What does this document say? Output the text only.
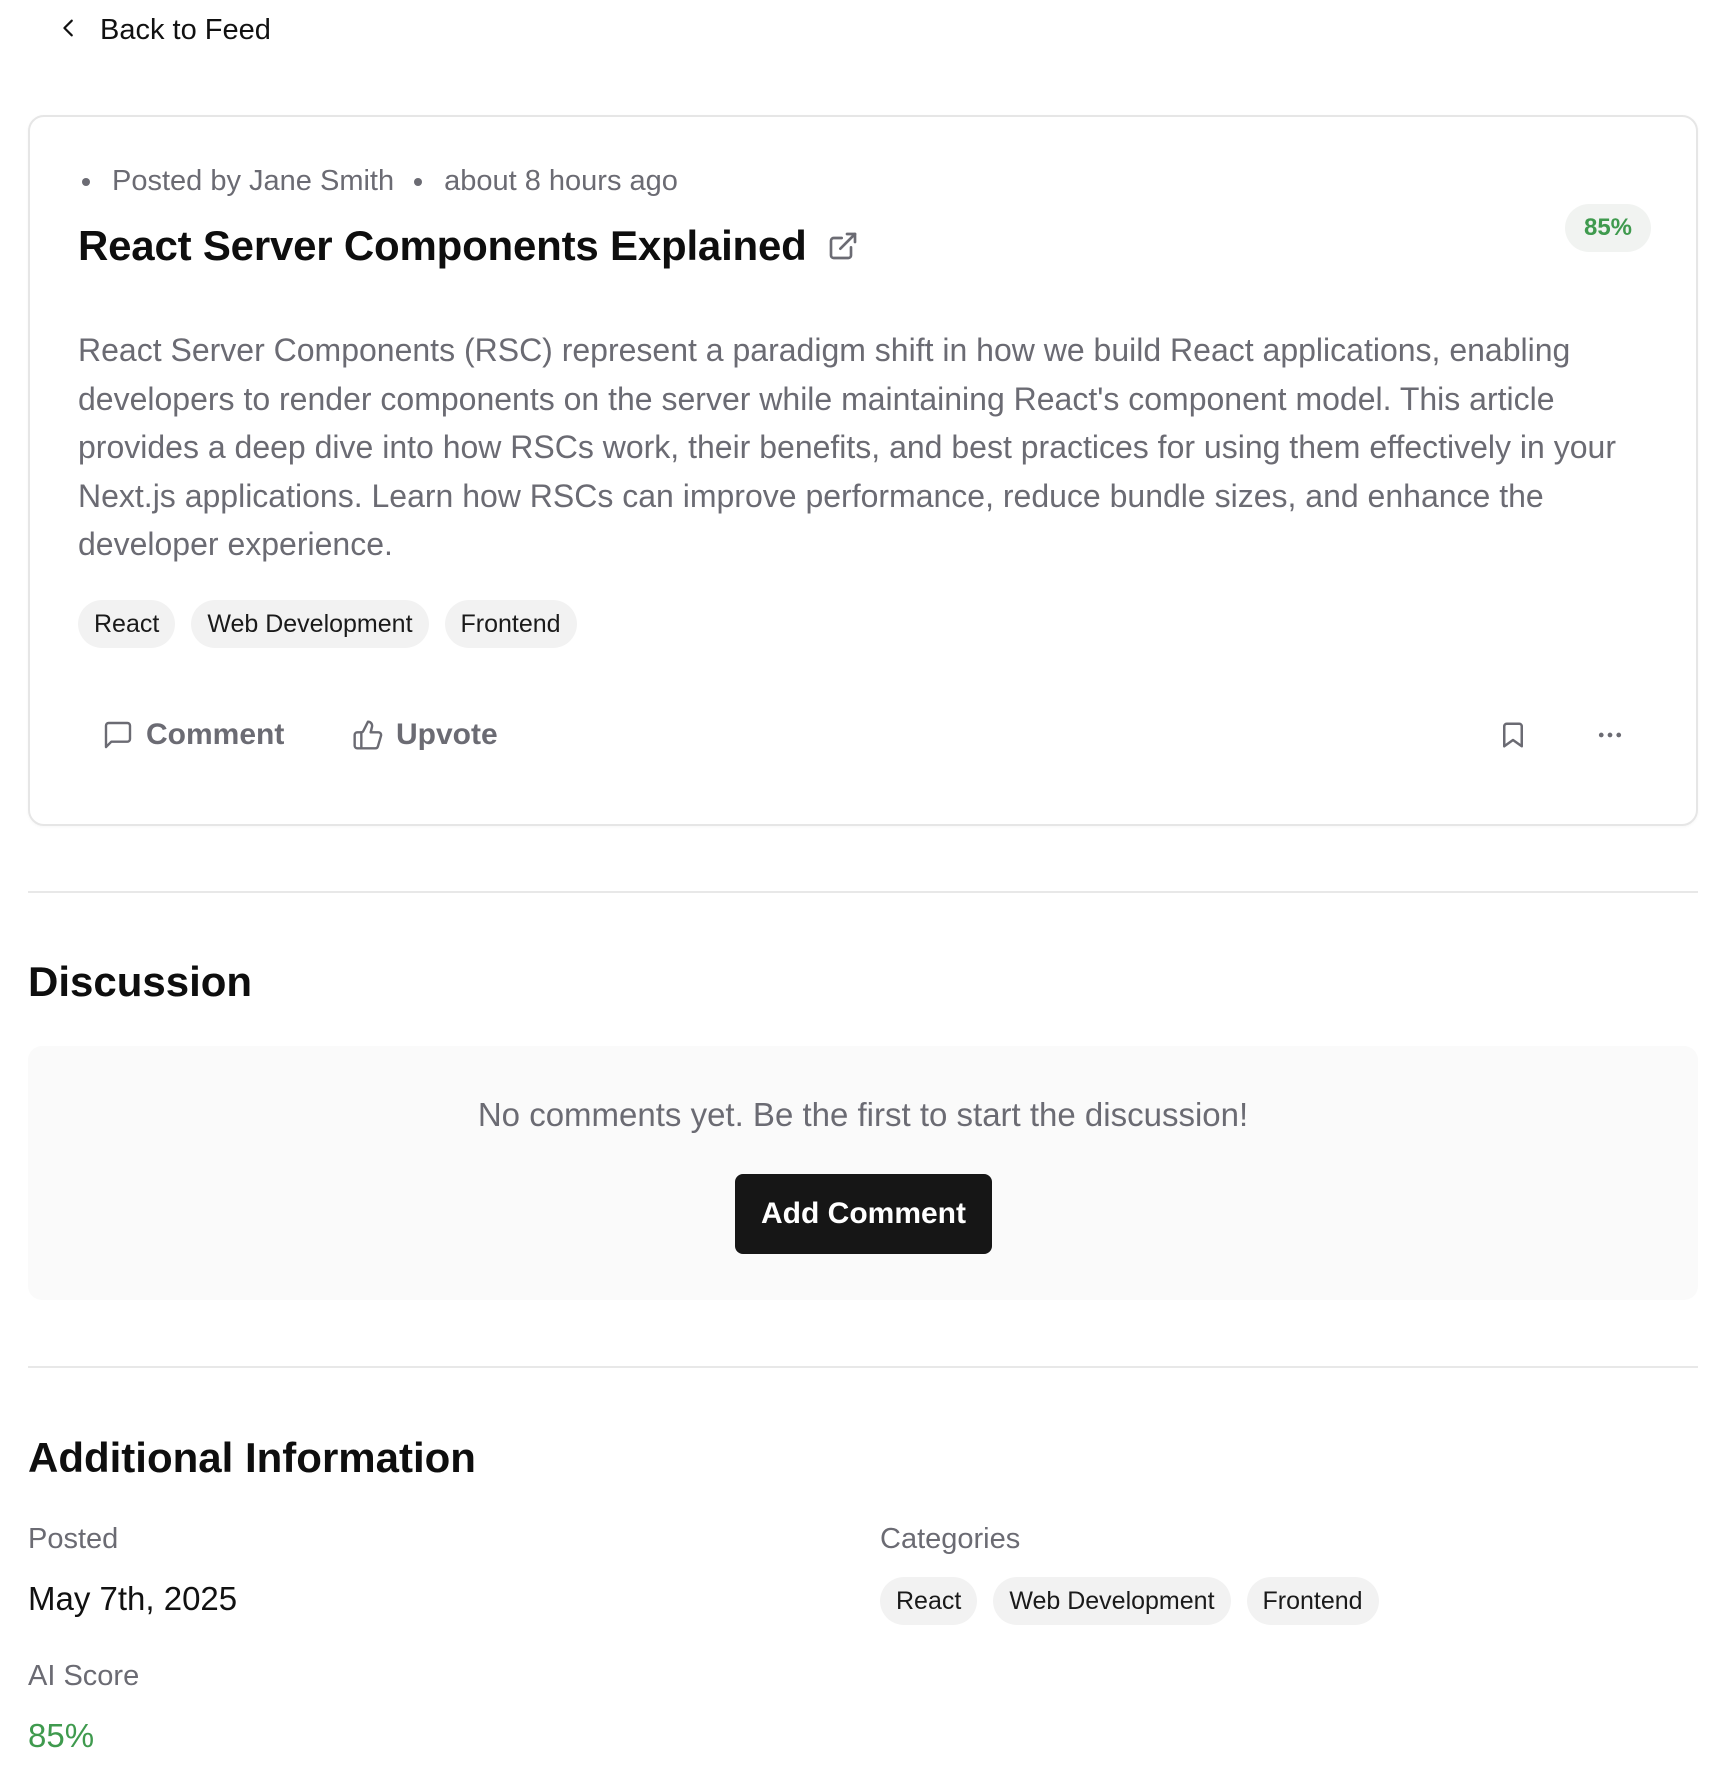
Back to Feed
Posted by Jane Smith about 8 hours ago
React Server Components Explained	85%

React Server Components (RSC) represent a paradigm shift in how we build React applications, enabling developers to render components on the server while maintaining React's component model. This article provides a deep dive into how RSCs work, their benefits, and best practices for using them effectively in your Next.js applications. Learn how RSCs can improve performance, reduce bundle sizes, and enhance the developer experience.

React	Web Development	Frontend
Comment	Upvote
Discussion
No comments yet. Be the first to start the discussion!
Add Comment
Additional Information
Posted
May 7th, 2025
Categories
React	Web Development	Frontend
AI Score
85%
